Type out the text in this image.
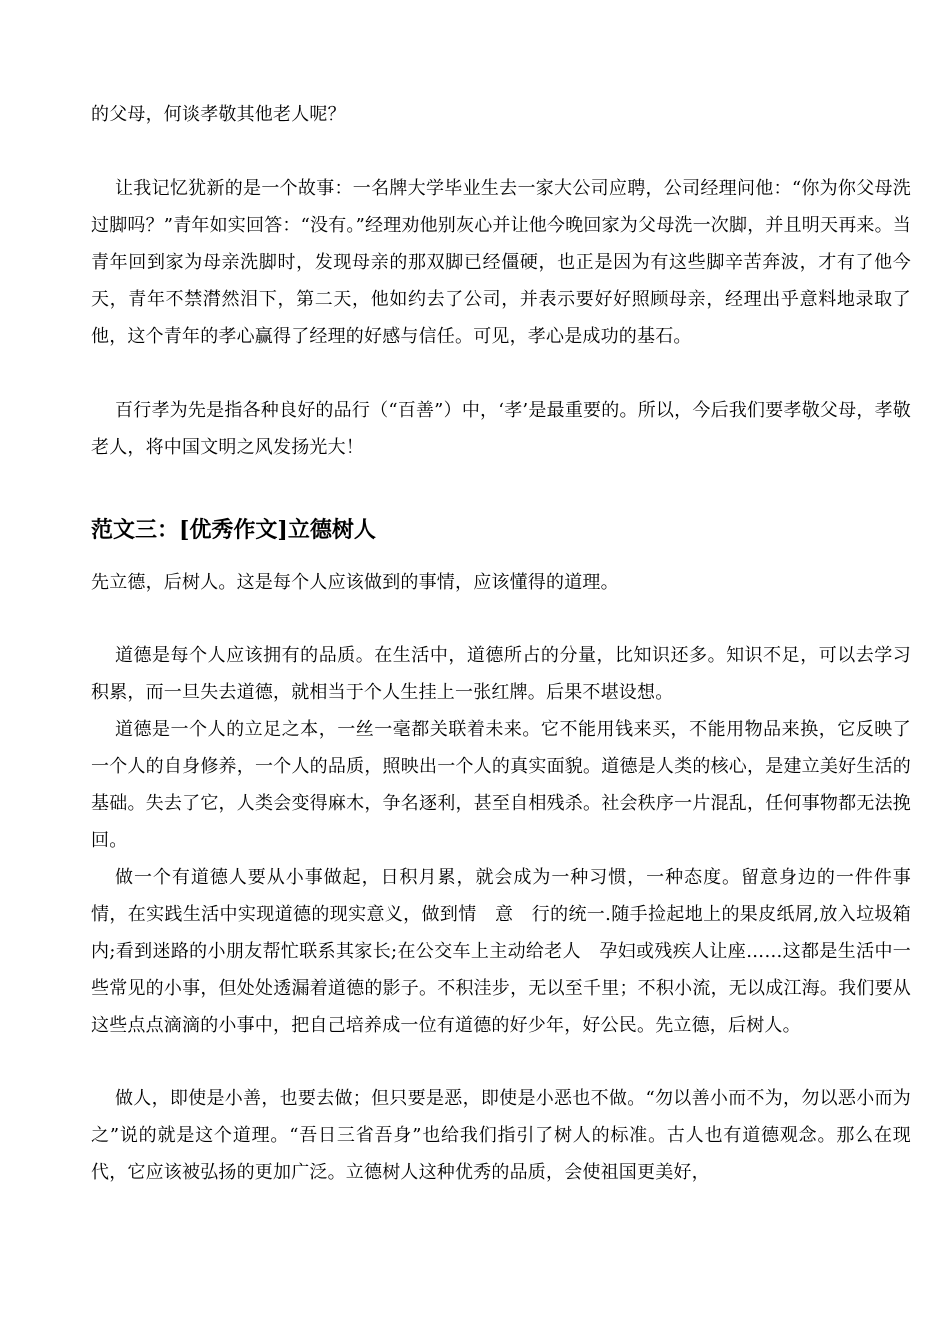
的父母，何谈孝敬其他老人呢？

让我记忆犹新的是一个故事：一名牌大学毕业生去一家大公司应聘，公司经理问他：“你为你父母洗过脚吗？”青年如实回答：“没有。”经理劝他别灰心并让他今晚回家为父母洗一次脚，并且明天再来。当青年回到家为母亲洗脚时，发现母亲的那双脚已经僵硬，也正是因为有这些脚辛苦奔波，才有了他今天，青年不禁潸然泪下，第二天，他如约去了公司，并表示要好好照顾母亲，经理出乎意料地录取了他，这个青年的孝心赢得了经理的好感与信任。可见，孝心是成功的基石。

百行孝为先是指各种良好的品行（“百善”）中，‘孝’是最重要的。所以，今后我们要孝敬父母，孝敬老人，将中国文明之风发扬光大！

范文三：[优秀作文]立德树人

先立德，后树人。这是每个人应该做到的事情，应该懂得的道理。

道德是每个人应该拥有的品质。在生活中，道德所占的分量，比知识还多。知识不足，可以去学习积累，而一旦失去道德，就相当于个人生挂上一张红牌。后果不堪设想。

道德是一个人的立足之本，一丝一毫都关联着未来。它不能用钱来买，不能用物品来换，它反映了一个人的自身修养，一个人的品质，照映出一个人的真实面貌。道德是人类的核心，是建立美好生活的基础。失去了它，人类会变得麻木，争名逐利，甚至自相残杀。社会秩序一片混乱，任何事物都无法挽回。

做一个有道德人要从小事做起，日积月累，就会成为一种习惯，一种态度。留意身边的一件件事情，在实践生活中实现道德的现实意义，做到情　意　行的统一.随手捡起地上的果皮纸屑,放入垃圾箱内;看到迷路的小朋友帮忙联系其家长;在公交车上主动给老人　孕妇或残疾人让座……这都是生活中一些常见的小事，但处处透漏着道德的影子。不积洼步，无以至千里；不积小流，无以成江海。我们要从这些点点滴滴的小事中，把自己培养成一位有道德的好少年，好公民。先立德，后树人。

做人，即使是小善，也要去做；但只要是恶，即使是小恶也不做。“勿以善小而不为，勿以恶小而为之”说的就是这个道理。“吾日三省吾身”也给我们指引了树人的标准。古人也有道德观念。那么在现代，它应该被弘扬的更加广泛。立德树人这种优秀的品质，会使祖国更美好，
